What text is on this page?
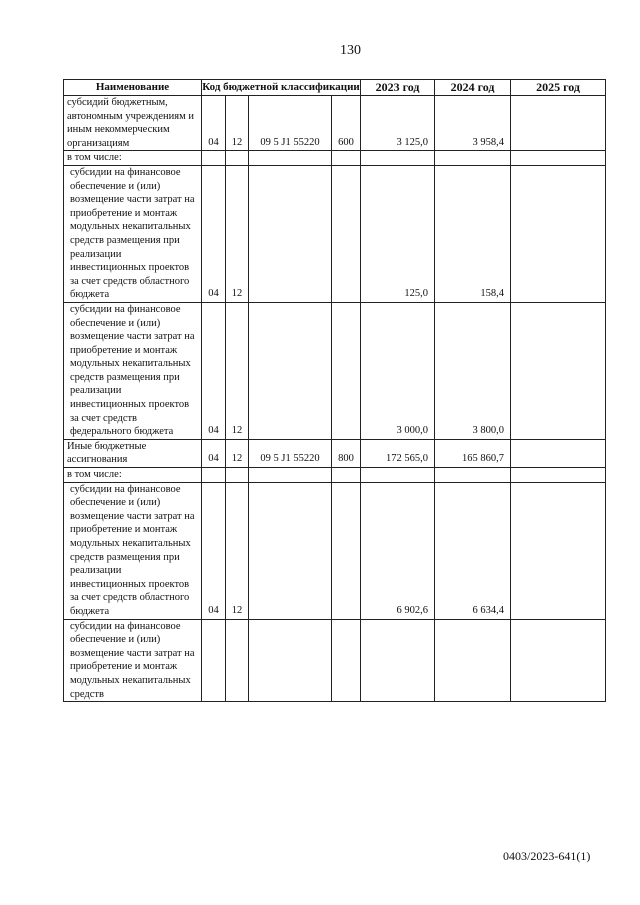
130
Наименование	Код бюджетной классификации				2023 год	2024 год	2025 год
субсидий бюджетным, автономным учреждениям и иным некоммерческим организациям	04	12	09 5 J1 55220	600	3 125,0	3 958,4	
в том числе:							
субсидии на финансовое обеспечение и (или) возмещение части затрат на приобретение и монтаж модульных некапитальных средств размещения при реализации инвестиционных проектов за счет средств областного бюджета	04	12			125,0	158,4	
субсидии на финансовое обеспечение и (или) возмещение части затрат на приобретение и монтаж модульных некапитальных средств размещения при реализации инвестиционных проектов за счет средств федерального бюджета	04	12			3 000,0	3 800,0	
Иные бюджетные ассигнования	04	12	09 5 J1 55220	800	172 565,0	165 860,7	
в том числе:							
субсидии на финансовое обеспечение и (или) возмещение части затрат на приобретение и монтаж модульных некапитальных средств размещения при реализации инвестиционных проектов за счет средств областного бюджета	04	12			6 902,6	6 634,4	
субсидии на финансовое обеспечение и (или) возмещение части затрат на приобретение и монтаж модульных некапитальных средств							
0403/2023-641(1)
